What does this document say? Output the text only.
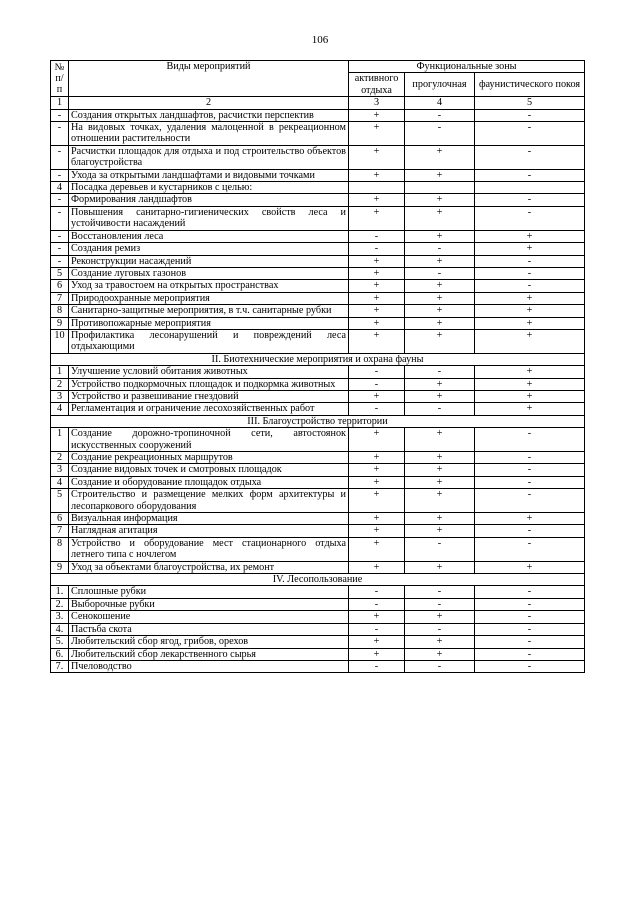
106
№
п/п	Виды мероприятий	Функциональные зоны		
		активного отдыха	прогулочная	фаунистического покоя
1	2	3	4	5
-	Создания открытых ландшафтов, расчистки перспектив	+	-	-
-	На видовых точках, удаления малоценной в рекреационном отношении растительности	+	-	-
-	Расчистки площадок для отдыха и под строительство объектов благоустройства	+	+	-
-	Ухода за открытыми ландшафтами и видовыми точками	+	+	-
4	Посадка деревьев и кустарников с целью:			
-	Формирования ландшафтов	+	+	-
-	Повышения санитарно-гигиенических свойств леса и устойчивости насаждений	+	+	-
-	Восстановления леса	-	+	+
-	Создания ремиз	-	-	+
-	Реконструкции насаждений	+	+	-
5	Создание луговых газонов	+	-	-
6	Уход за травостоем на открытых пространствах	+	+	-
7	Природоохранные мероприятия	+	+	+
8	Санитарно-защитные мероприятия, в т.ч. санитарные рубки	+	+	+
9	Противопожарные мероприятия	+	+	+
10	Профилактика лесонарушений и повреждений леса отдыхающими	+	+	+
II. Биотехнические мероприятия и охрана фауны				
1	Улучшение условий обитания животных	-	-	+
2	Устройство подкормочных площадок и подкормка животных	-	+	+
3	Устройство и развешивание гнездовий	+	+	+
4	Регламентация и ограничение лесохозяйственных работ	-	-	+
III. Благоустройство территории				
1	Создание дорожно-тропиночной сети, автостоянок искусственных сооружений	+	+	-
2	Создание рекреационных маршрутов	+	+	-
3	Создание видовых точек и смотровых площадок	+	+	-
4	Создание и оборудование площадок отдыха	+	+	-
5	Строительство и размещение мелких форм архитектуры и лесопаркового оборудования	+	+	-
6	Визуальная информация	+	+	+
7	Наглядная агитация	+	+	-
8	Устройство и оборудование мест стационарного отдыха летнего типа с ночлегом	+	-	-
9	Уход за объектами благоустройства, их ремонт	+	+	+
IV. Лесопользование				
1.	Сплошные рубки	-	-	-
2.	Выборочные рубки	-	-	-
3.	Сенокошение	+	+	-
4.	Пастьба скота	-	-	-
5.	Любительский сбор ягод, грибов, орехов	+	+	-
6.	Любительский сбор лекарственного сырья	+	+	-
7.	Пчеловодство	-	-	-
